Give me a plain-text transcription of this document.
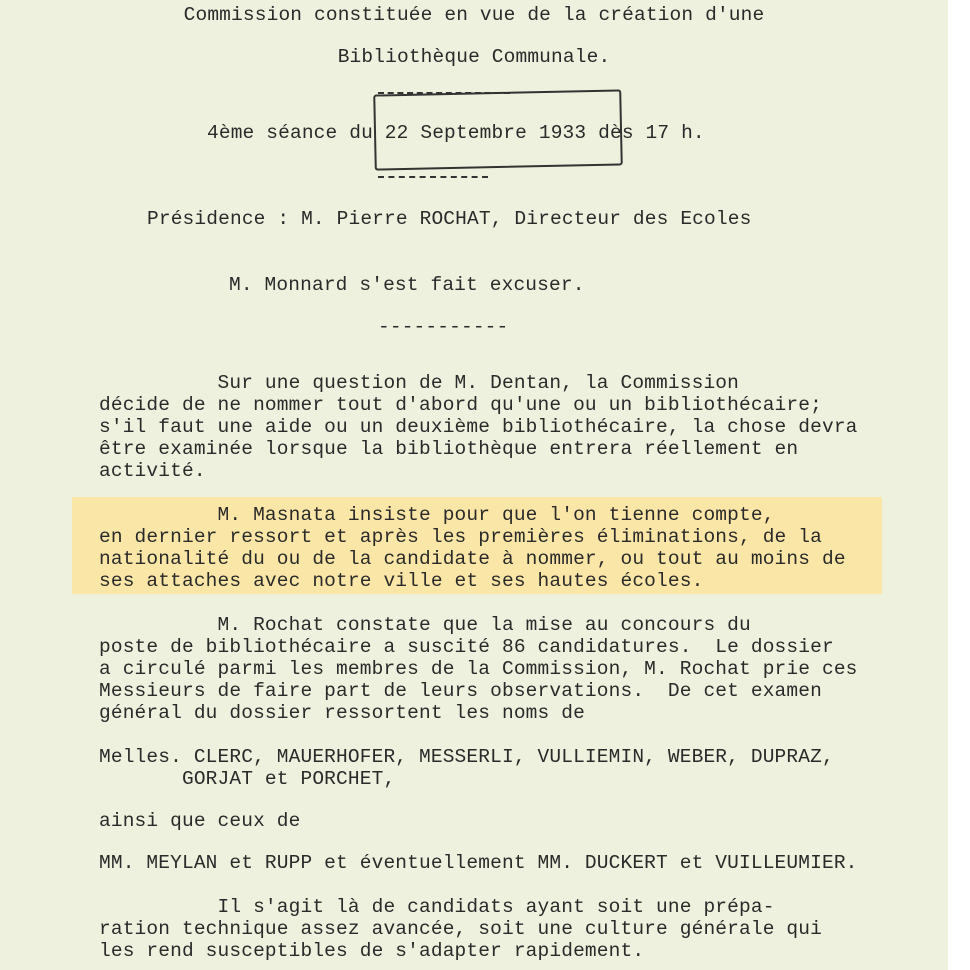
Commission constituée en vue de la création d'une
Bibliothèque Communale.
4ème séance du 22 Septembre 1933 dès 17 h.
Présidence : M. Pierre ROCHAT, Directeur des Ecoles
M. Monnard s'est fait excuser.
-----------
Sur une question de M. Dentan, la Commission
décide de ne nommer tout d'abord qu'une ou un bibliothécaire;
s'il faut une aide ou un deuxième bibliothécaire, la chose devra
être examinée lorsque la bibliothèque entrera réellement en
activité.
M. Masnata insiste pour que l'on tienne compte,
en dernier ressort et après les premières éliminations, de la
nationalité du ou de la candidate à nommer, ou tout au moins de
ses attaches avec notre ville et ses hautes écoles.
M. Rochat constate que la mise au concours du
poste de bibliothécaire a suscité 86 candidatures.  Le dossier
a circulé parmi les membres de la Commission, M. Rochat prie ces
Messieurs de faire part de leurs observations.  De cet examen
général du dossier ressortent les noms de
Melles. CLERC, MAUERHOFER, MESSERLI, VULLIEMIN, WEBER, DUPRAZ,
GORJAT et PORCHET,
ainsi que ceux de
MM. MEYLAN et RUPP et éventuellement MM. DUCKERT et VUILLEUMIER.
Il s'agit là de candidats ayant soit une prépa-
ration technique assez avancée, soit une culture générale qui
les rend susceptibles de s'adapter rapidement.
